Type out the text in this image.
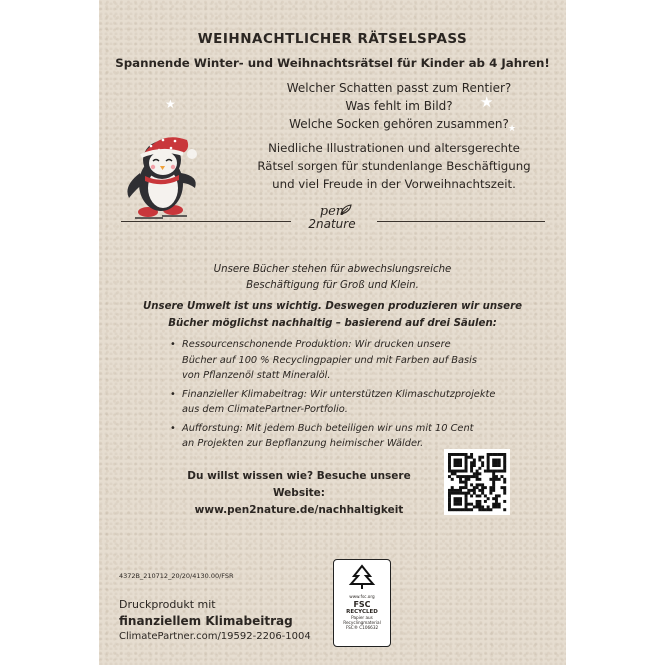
WEIHNACHTLICHER RÄTSELSPASS
Spannende Winter- und Weihnachtsrätsel für Kinder ab 4 Jahren!
Welcher Schatten passt zum Rentier?
Was fehlt im Bild?
Welche Socken gehören zusammen?
Niedliche Illustrationen und altersgerechte
Rätsel sorgen für stundenlange Beschäftigung
und viel Freude in der Vorweihnachtszeit.
★	★
★
pen
2nature
Unsere Bücher stehen für abwechslungsreiche
Beschäftigung für Groß und Klein.
Unsere Umwelt ist uns wichtig. Deswegen produzieren wir unsere
Bücher möglichst nachhaltig – basierend auf drei Säulen:
• Ressourcenschonende Produktion: Wir drucken unsere
Bücher auf 100 % Recyclingpapier und mit Farben auf Basis
von Pflanzenöl statt Mineralöl.
• Finanzieller Klimabeitrag: Wir unterstützen Klimaschutzprojekte
aus dem ClimatePartner-Portfolio.
• Aufforstung: Mit jedem Buch beteiligen wir uns mit 10 Cent
an Projekten zur Bepflanzung heimischer Wälder.
Du willst wissen wie? Besuche unsere Website:
www.pen2nature.de/nachhaltigkeit
4372B_210712_20/20/4130.00/FSR
Druckprodukt mit
finanziellem Klimabeitrag
ClimatePartner.com/19592-2206-1004
www.fsc.org
FSC
RECYCLED
Papier aus
Recyclingmaterial
FSC® C106632
